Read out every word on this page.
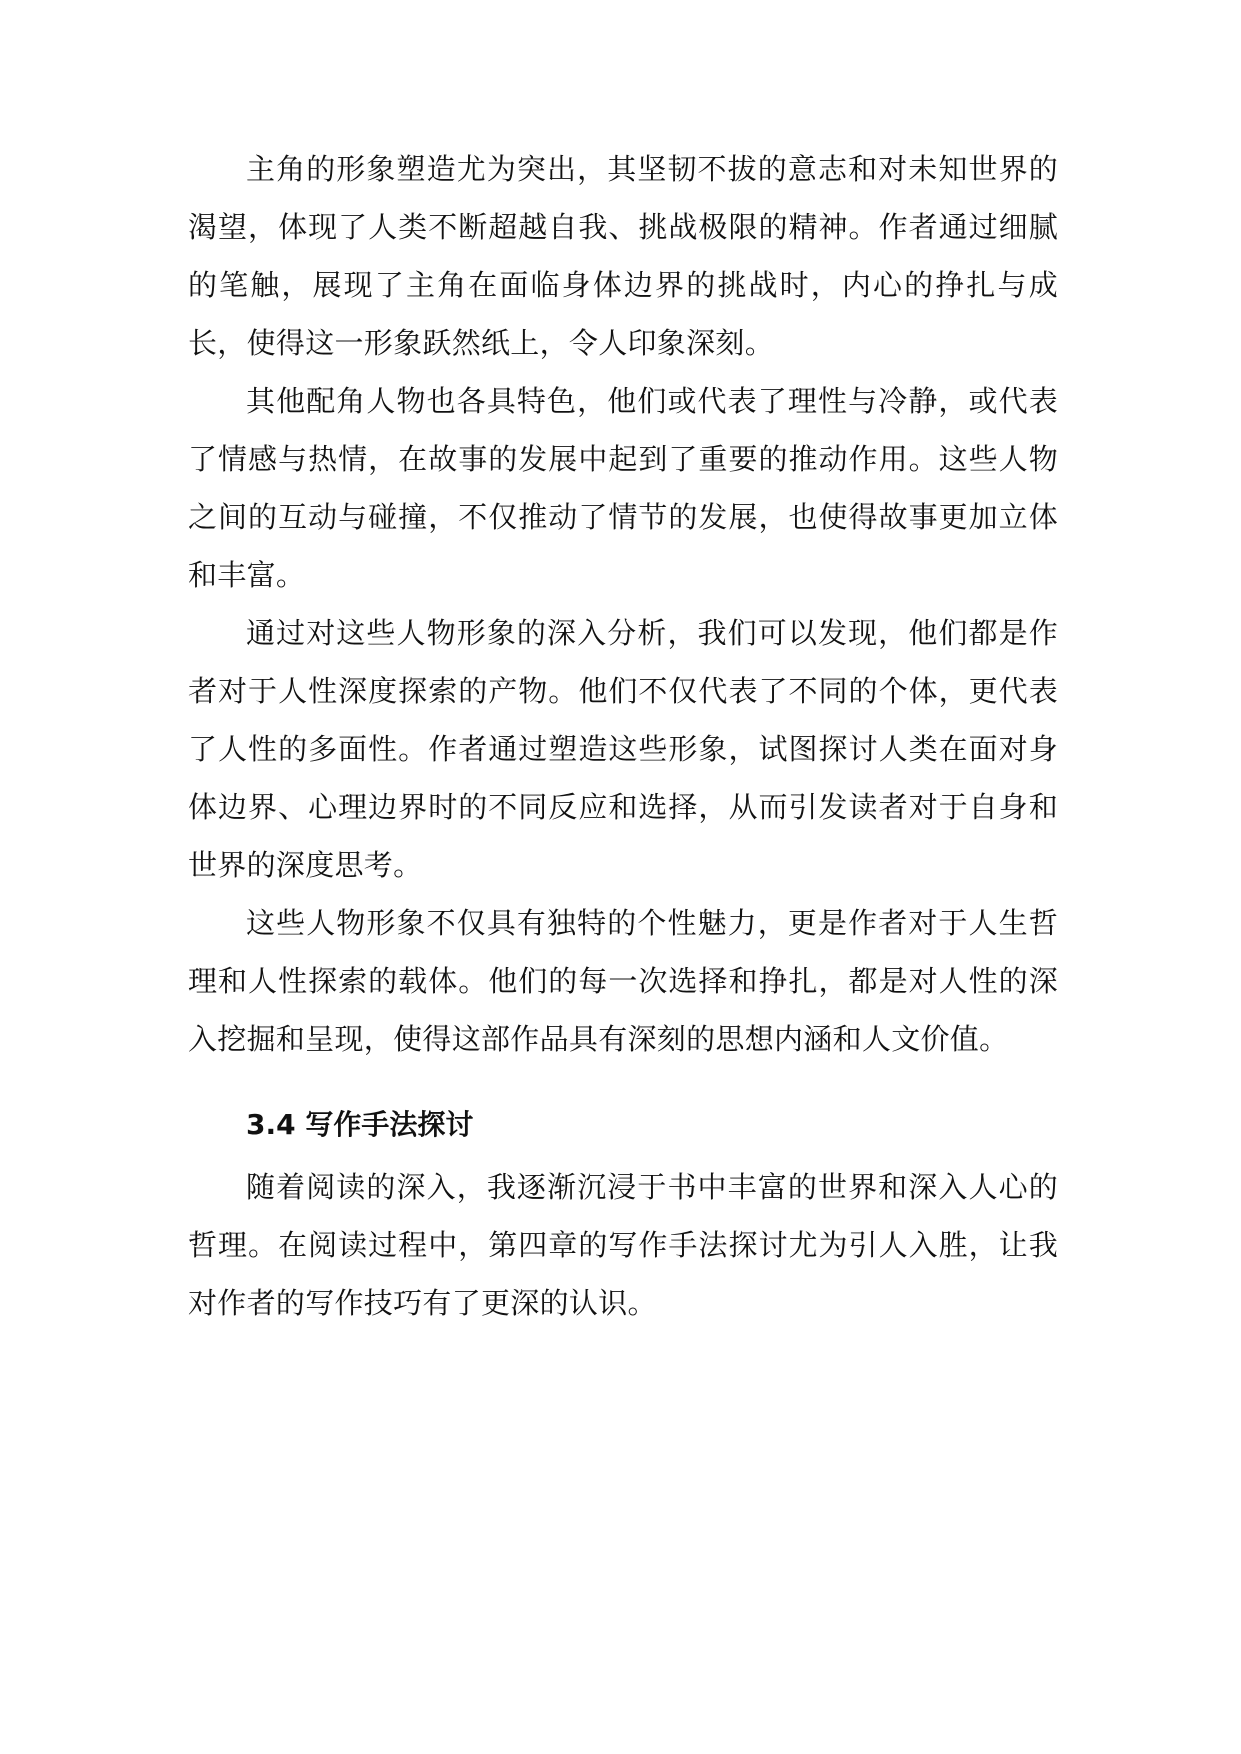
主角的形象塑造尤为突出，其坚韧不拔的意志和对未知世界的渴望，体现了人类不断超越自我、挑战极限的精神。作者通过细腻的笔触，展现了主角在面临身体边界的挑战时，内心的挣扎与成长，使得这一形象跃然纸上，令人印象深刻。

其他配角人物也各具特色，他们或代表了理性与冷静，或代表了情感与热情，在故事的发展中起到了重要的推动作用。这些人物之间的互动与碰撞，不仅推动了情节的发展，也使得故事更加立体和丰富。

通过对这些人物形象的深入分析，我们可以发现，他们都是作者对于人性深度探索的产物。他们不仅代表了不同的个体，更代表了人性的多面性。作者通过塑造这些形象，试图探讨人类在面对身体边界、心理边界时的不同反应和选择，从而引发读者对于自身和世界的深度思考。

这些人物形象不仅具有独特的个性魅力，更是作者对于人生哲理和人性探索的载体。他们的每一次选择和挣扎，都是对人性的深入挖掘和呈现，使得这部作品具有深刻的思想内涵和人文价值。

3.4 写作手法探讨

随着阅读的深入，我逐渐沉浸于书中丰富的世界和深入人心的哲理。在阅读过程中，第四章的写作手法探讨尤为引人入胜，让我对作者的写作技巧有了更深的认识。
